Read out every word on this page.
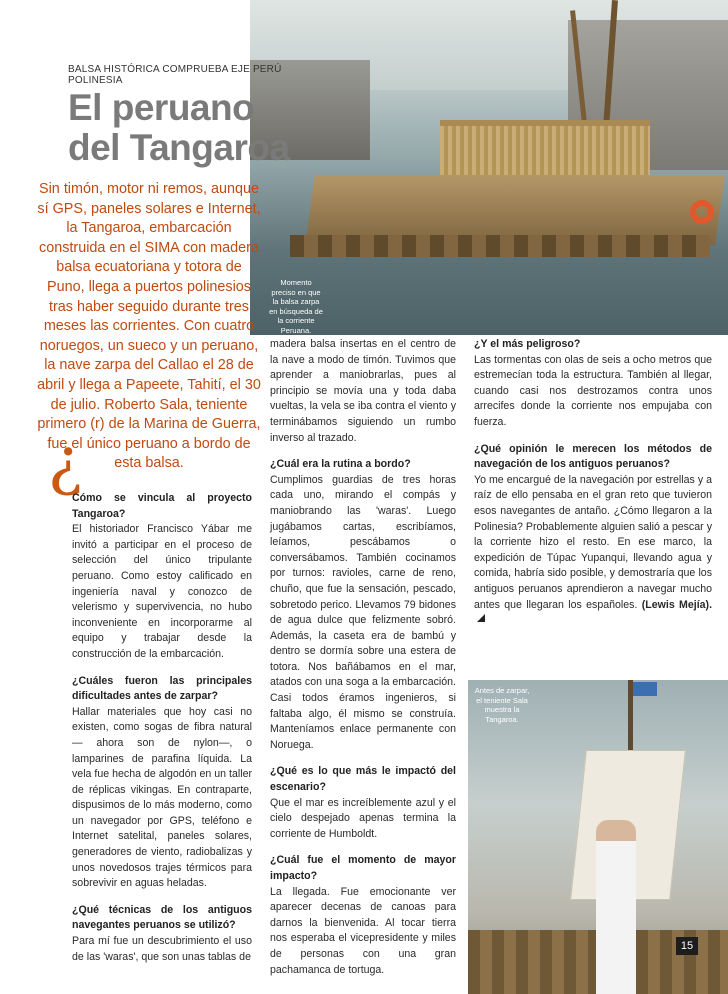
Momento preciso en que la balsa zarpa en búsqueda de la corriente Peruana.
BALSA HISTÓRICA COMPRUEBA EJE PERÚ POLINESIA
El peruano
del Tangaroa
Sin timón, motor ni remos, aunque sí GPS, paneles solares e Internet, la Tangaroa, embarcación construida en el SIMA con madera balsa ecuatoriana y totora de Puno, llega a puertos polinesios tras haber seguido durante tres meses las corrientes. Con cuatro noruegos, un sueco y un peruano, la nave zarpa del Callao el 28 de abril y llega a Papeete, Tahití, el 30 de julio. Roberto Sala, teniente primero (r) de la Marina de Guerra, fue el único peruano a bordo de esta balsa.
¿

Cómo se vincula al proyecto Tangaroa?

El historiador Francisco Yábar me invitó a participar en el proceso de selección del único tripulante peruano. Como estoy calificado en ingeniería naval y conozco de velerismo y supervivencia, no hubo inconveniente en incorporarme al equipo y trabajar desde la construcción de la embarcación.

¿Cuáles fueron las principales dificultades antes de zarpar?

Hallar materiales que hoy casi no existen, como sogas de fibra natural — ahora son de nylon—, o lamparines de parafina líquida. La vela fue hecha de algodón en un taller de réplicas vikingas. En contraparte, dispusimos de lo más moderno, como un navegador por GPS, teléfono e Internet satelital, paneles solares, generadores de viento, radiobalizas y unos novedosos trajes térmicos para sobrevivir en aguas heladas.

¿Qué técnicas de los antiguos navegantes peruanos se utilizó?

Para mí fue un descubrimiento el uso de las 'waras', que son unas tablas de

madera balsa insertas en el centro de la nave a modo de timón. Tuvimos que aprender a maniobrarlas, pues al principio se movía una y toda daba vueltas, la vela se iba contra el viento y terminábamos siguiendo un rumbo inverso al trazado.

¿Cuál era la rutina a bordo?

Cumplimos guardias de tres horas cada uno, mirando el compás y maniobrando las 'waras'. Luego jugábamos cartas, escribíamos, leíamos, pescábamos o conversábamos. También cocinamos por turnos: ravioles, carne de reno, chuño, que fue la sensación, pescado, sobretodo perico. Llevamos 79 bidones de agua dulce que felizmente sobró. Además, la caseta era de bambú y dentro se dormía sobre una estera de totora. Nos bañábamos en el mar, atados con una soga a la embarcación. Casi todos éramos ingenieros, si faltaba algo, él mismo se construía. Manteníamos enlace permanente con Noruega.

¿Qué es lo que más le impactó del escenario?

Que el mar es increíblemente azul y el cielo despejado apenas termina la corriente de Humboldt.

¿Cuál fue el momento de mayor impacto?

La llegada. Fue emocionante ver aparecer decenas de canoas para darnos la bienvenida. Al tocar tierra nos esperaba el vicepresidente y miles de personas con una gran pachamanca de tortuga.

¿Y el más peligroso?

Las tormentas con olas de seis a ocho metros que estremecían toda la estructura. También al llegar, cuando casi nos destrozamos contra unos arrecifes donde la corriente nos empujaba con fuerza.

¿Qué opinión le merecen los métodos de navegación de los antiguos peruanos?

Yo me encargué de la navegación por estrellas y a raíz de ello pensaba en el gran reto que tuvieron esos navegantes de antaño. ¿Cómo llegaron a la Polinesia? Probablemente alguien salió a pescar y la corriente hizo el resto. En ese marco, la expedición de Túpac Yupanqui, llevando agua y comida, habría sido posible, y demostraría que los antiguos peruanos aprendieron a navegar mucho antes que llegaran los españoles. (Lewis Mejía).

Antes de zarpar, el teniente Sala muestra la Tangaroa.
15
